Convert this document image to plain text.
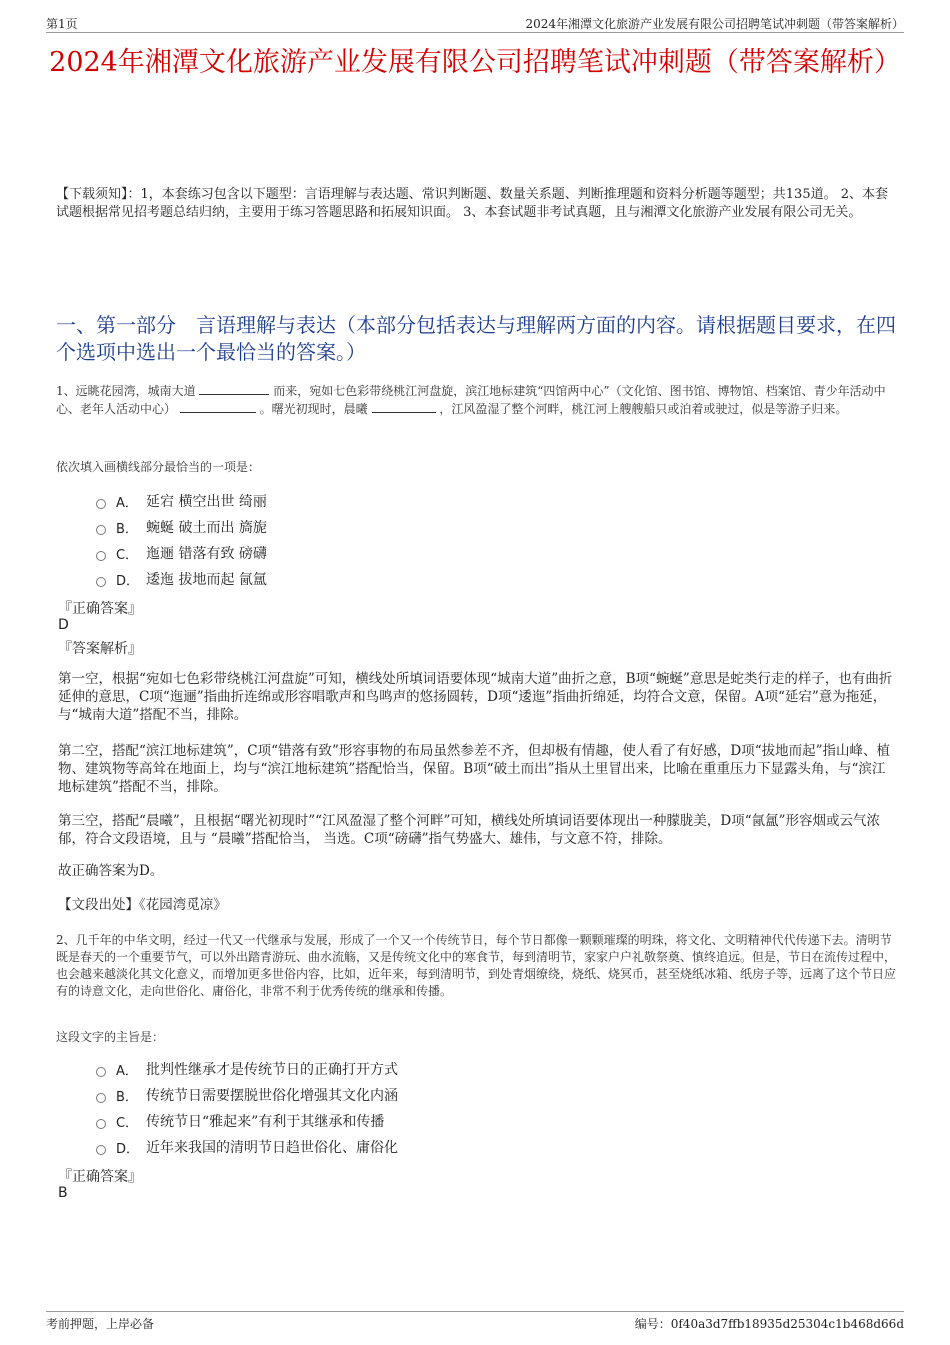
第1页	2024年湘潭文化旅游产业发展有限公司招聘笔试冲刺题（带答案解析）
2024年湘潭文化旅游产业发展有限公司招聘笔试冲刺题（带答案解析）
【下载须知】：1，本套练习包含以下题型：言语理解与表达题、常识判断题、数量关系题、判断推理题和资料分析题等题型；共135道。 2、本套试题根据常见招考题总结归纳，主要用于练习答题思路和拓展知识面。 3、本套试题非考试真题，且与湘潭文化旅游产业发展有限公司无关。
一、第一部分　言语理解与表达（本部分包括表达与理解两方面的内容。请根据题目要求，在四个选项中选出一个最恰当的答案。）
1、远眺花园湾，城南大道	而来，宛如七色彩带绕桃江河盘旋，滨江地标建筑“四馆两中心”（文化馆、图书馆、博物馆、档案馆、青少年活动中心、老年人活动中心）	。曙光初现时，晨曦	，江风盈湿了整个河畔，桃江河上艘艘船只或泊着或驶过，似是等游子归来。
依次填入画横线部分最恰当的一项是：
A． 延宕 横空出世 绮丽
B． 蜿蜒 破土而出 旖旎
C． 迤逦 错落有致 磅礴
D． 逶迤 拔地而起 氤氲
『正确答案』
D
『答案解析』
第一空，根据“宛如七色彩带绕桃江河盘旋”可知，横线处所填词语要体现“城南大道”曲折之意，B项“蜿蜒”意思是蛇类行走的样子，也有曲折延伸的意思，C项“迤逦”指曲折连绵或形容唱歌声和鸟鸣声的悠扬圆转，D项“逶迤”指曲折绵延，均符合文意，保留。A项“延宕”意为拖延，与“城南大道”搭配不当，排除。
第二空，搭配“滨江地标建筑”，C项“错落有致”形容事物的布局虽然参差不齐，但却极有情趣，使人看了有好感，D项“拔地而起”指山峰、植物、建筑物等高耸在地面上，均与“滨江地标建筑”搭配恰当，保留。B项“破土而出”指从土里冒出来，比喻在重重压力下显露头角，与“滨江地标建筑”搭配不当，排除。
第三空，搭配“晨曦”，且根据“曙光初现时”“江风盈湿了整个河畔”可知，横线处所填词语要体现出一种朦胧美，D项“氤氲”形容烟或云气浓郁，符合文段语境，且与 “晨曦”搭配恰当， 当选。C项“磅礴”指气势盛大、雄伟，与文意不符，排除。
故正确答案为D。
【文段出处】《花园湾觅凉》
2、几千年的中华文明，经过一代又一代继承与发展，形成了一个又一个传统节日，每个节日都像一颗颗璀璨的明珠，将文化、文明精神代代传递下去。清明节既是春天的一个重要节气，可以外出踏青游玩、曲水流觞，又是传统文化中的寒食节，每到清明节，家家户户礼敬祭奠、慎终追远。但是，节日在流传过程中，也会越来越淡化其文化意义，而增加更多世俗内容，比如，近年来，每到清明节，到处青烟缭绕，烧纸、烧冥币，甚至烧纸冰箱、纸房子等，远离了这个节日应有的诗意文化，走向世俗化、庸俗化，非常不利于优秀传统的继承和传播。
这段文字的主旨是：
A． 批判性继承才是传统节日的正确打开方式
B． 传统节日需要摆脱世俗化增强其文化内涵
C． 传统节日“雅起来”有利于其继承和传播
D． 近年来我国的清明节日趋世俗化、庸俗化
『正确答案』
B
考前押题，上岸必备	编号：0f40a3d7ffb18935d25304c1b468d66d
